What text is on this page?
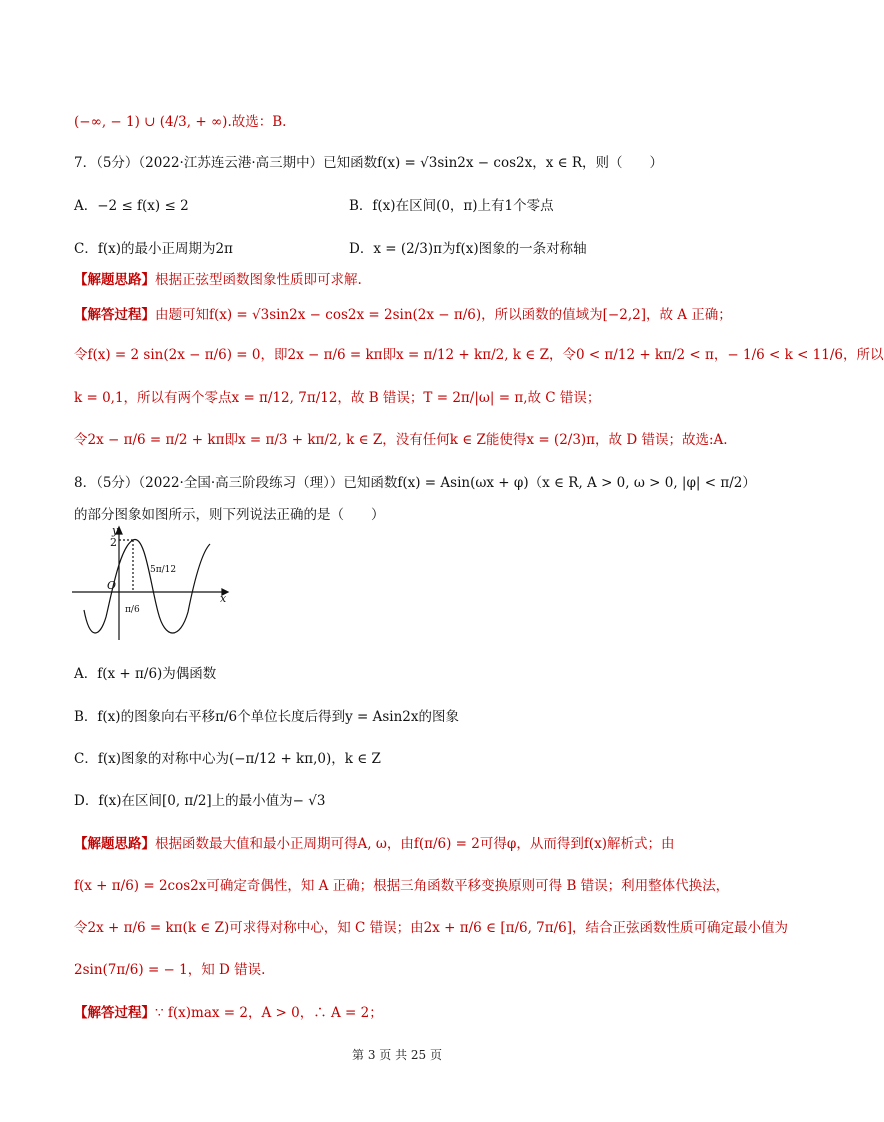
(−∞, − 1) ∪ (4/3, + ∞).故选：B.
7．（5分）（2022·江苏连云港·高三期中）已知函数f(x) = √3sin2x − cos2x，x ∈ R，则（　　）
A．−2 ≤ f(x) ≤ 2	B．f(x)在区间(0，π)上有1个零点
C．f(x)的最小正周期为2π	D．x = (2/3)π为f(x)图象的一条对称轴
【解题思路】根据正弦型函数图象性质即可求解.
【解答过程】由题可知f(x) = √3sin2x − cos2x = 2sin(2x − π/6)，所以函数的值域为[−2,2]，故 A 正确；
令f(x) = 2 sin(2x − π/6) = 0，即2x − π/6 = kπ即x = π/12 + kπ/2, k ∈ Z，令0 < π/12 + kπ/2 < π，− 1/6 < k < 11/6，所以
k = 0,1，所以有两个零点x = π/12, 7π/12，故 B 错误；T = 2π/|ω| = π,故 C 错误；
令2x − π/6 = π/2 + kπ即x = π/3 + kπ/2, k ∈ Z，没有任何k ∈ Z能使得x = (2/3)π，故 D 错误；故选:A.
8．（5分）（2022·全国·高三阶段练习（理））已知函数f(x) = Asin(ωx + φ)（x ∈ R, A > 0, ω > 0, |φ| < π/2）
的部分图象如图所示，则下列说法正确的是（　　）
y
2
O
x
π/6
5π/12
A．f(x + π/6)为偶函数
B．f(x)的图象向右平移π/6个单位长度后得到y = Asin2x的图象
C．f(x)图象的对称中心为(−π/12 + kπ,0)，k ∈ Z
D．f(x)在区间[0, π/2]上的最小值为− √3
【解题思路】根据函数最大值和最小正周期可得A, ω，由f(π/6) = 2可得φ，从而得到f(x)解析式；由
f(x + π/6) = 2cos2x可确定奇偶性，知 A 正确；根据三角函数平移变换原则可得 B 错误；利用整体代换法，
令2x + π/6 = kπ(k ∈ Z)可求得对称中心，知 C 错误；由2x + π/6 ∈ [π/6, 7π/6]，结合正弦函数性质可确定最小值为
2sin(7π/6) = − 1，知 D 错误.
【解答过程】∵ f(x)max = 2，A > 0，∴ A = 2；
第 3 页 共 25 页
